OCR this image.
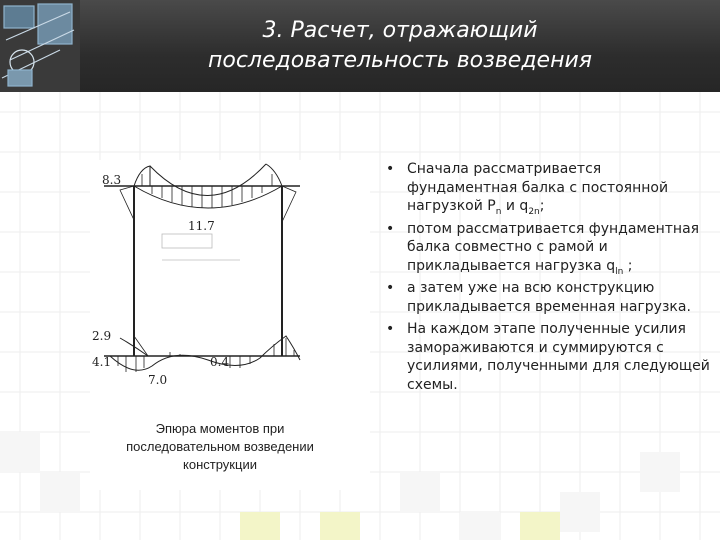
3. Расчет, отражающий
последовательность возведения
8.3
11.7
2.9
4.1
7.0
0.4
Эпюра моментов при
последовательном возведении
конструкции
• Сначала рассматривается фундаментная балка с постоянной нагрузкой $P_n$ и $q_{2n}$;
• потом рассматривается фундаментная балка совместно с рамой и прикладывается нагрузка $q_{ln}$ ;
• а затем уже на всю конструкцию прикладывается временная нагрузка.
• На каждом этапе полученные усилия замораживаются и суммируются с усилиями, полученными для следующей схемы.
